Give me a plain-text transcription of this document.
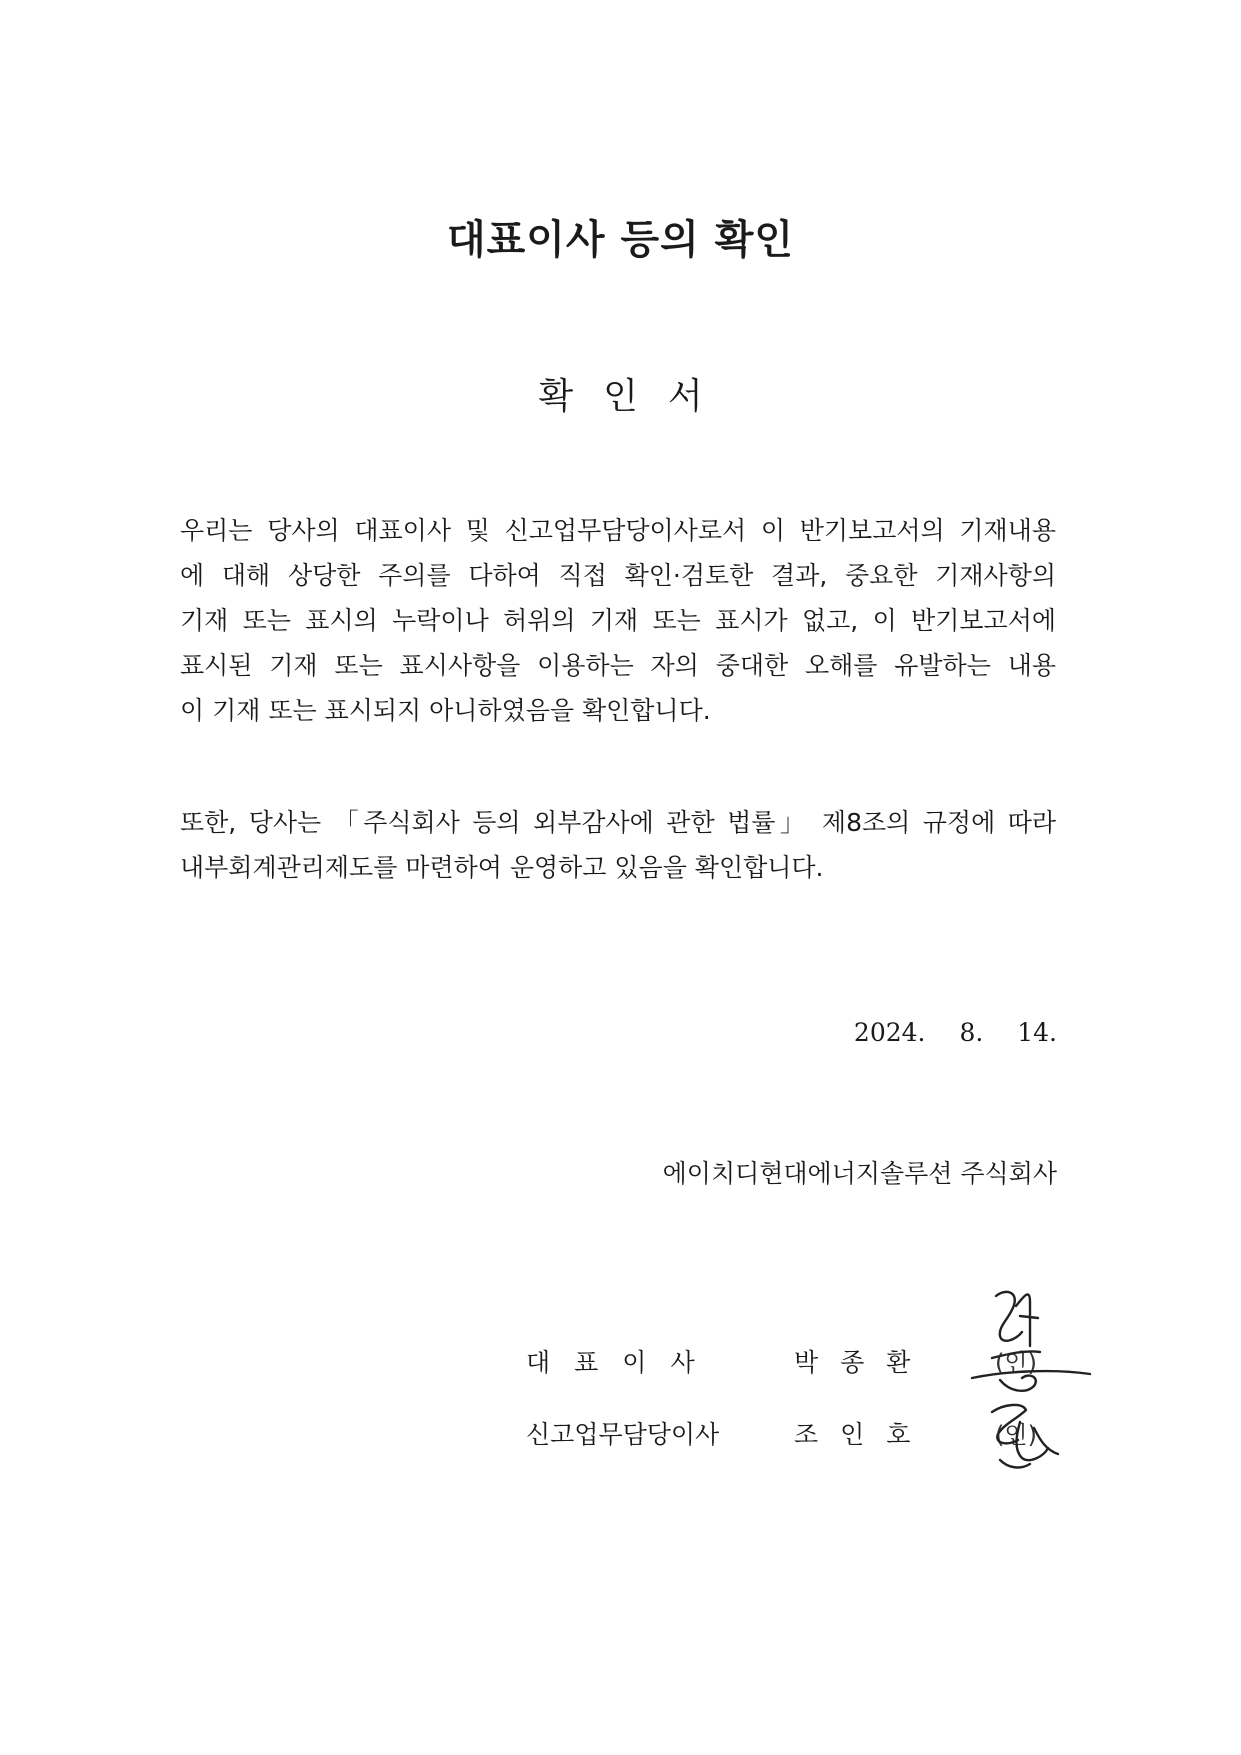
대표이사 등의 확인
확인서
우리는 당사의 대표이사 및 신고업무담당이사로서 이 반기보고서의 기재내용
에 대해 상당한 주의를 다하여 직접 확인·검토한 결과, 중요한 기재사항의
기재 또는 표시의 누락이나 허위의 기재 또는 표시가 없고, 이 반기보고서에
표시된 기재 또는 표시사항을 이용하는 자의 중대한 오해를 유발하는 내용
이 기재 또는 표시되지 아니하였음을 확인합니다.
또한, 당사는 「주식회사 등의 외부감사에 관한 법률」 제8조의 규정에 따라
내부회계관리제도를 마련하여 운영하고 있음을 확인합니다.
2024. 8. 14.
에이치디현대에너지솔루션 주식회사
대표이사	박종환	(인)
신고업무담당이사	조인호	(인)
